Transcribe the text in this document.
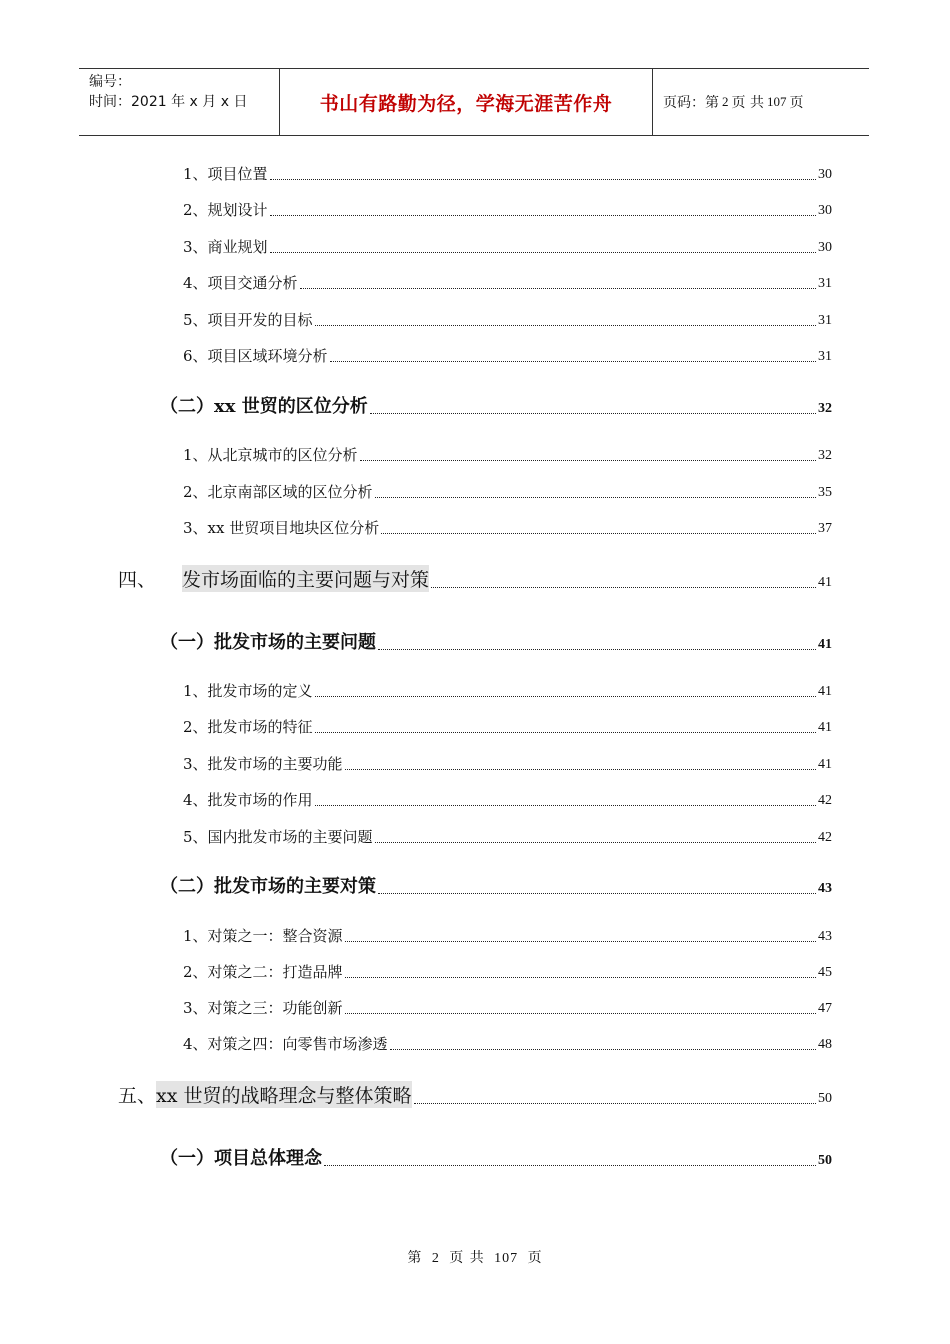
编号：
时间：2021 年 x 月 x 日	书山有路勤为径，学海无涯苦作舟	页码：第 2 页 共 107 页
1、项目位置	30
2、规划设计	30
3、商业规划	30
4、项目交通分析	31
5、项目开发的目标	31
6、项目区域环境分析	31
（二）xx 世贸的区位分析	32
1、从北京城市的区位分析	32
2、北京南部区域的区位分析	35
3、xx 世贸项目地块区位分析	37
四、	发市场面临的主要问题与对策	41
（一）批发市场的主要问题	41
1、批发市场的定义	41
2、批发市场的特征	41
3、批发市场的主要功能	41
4、批发市场的作用	42
5、国内批发市场的主要问题	42
（二）批发市场的主要对策	43
1、对策之一：整合资源	43
2、对策之二：打造品牌	45
3、对策之三：功能创新	47
4、对策之四：向零售市场渗透	48
五、 xx 世贸的战略理念与整体策略	50
（一）项目总体理念	50
第 2 页 共 107 页
